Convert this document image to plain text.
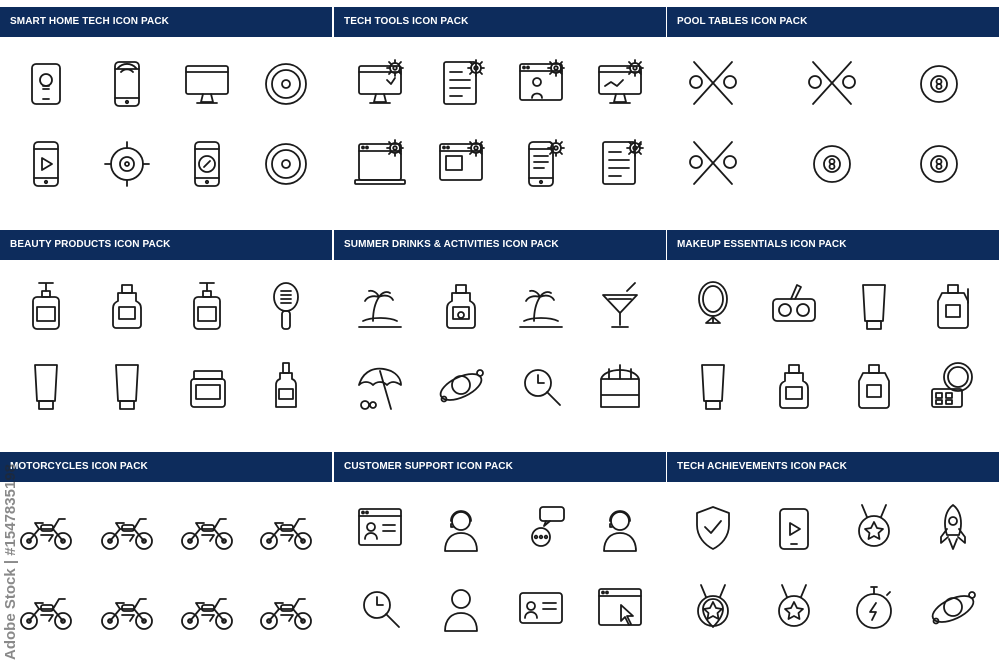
SMART HOME TECH ICON PACK	TECH TOOLS ICON PACK	POOL TABLES ICON PACK
BEAUTY PRODUCTS ICON PACK	SUMMER DRINKS & ACTIVITIES ICON PACK	MAKEUP ESSENTIALS ICON PACK
MOTORCYCLES ICON PACK	CUSTOMER SUPPORT ICON PACK	TECH ACHIEVEMENTS ICON PACK
Adobe Stock | #1547835198
